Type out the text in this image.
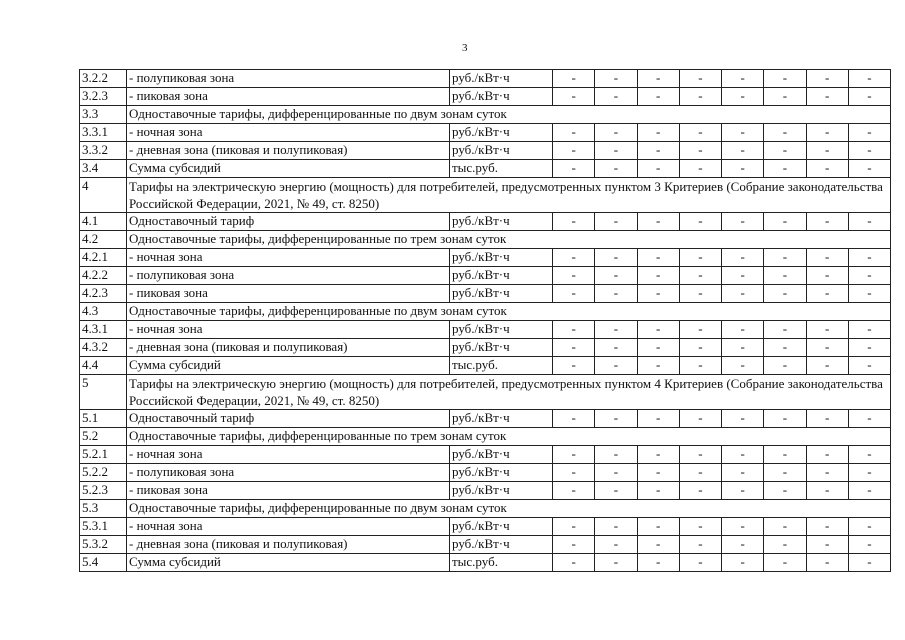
3
3.2.2	- полупиковая зона	руб./кВт·ч	-	-	-	-	-	-	-	-
3.2.3	- пиковая зона	руб./кВт·ч	-	-	-	-	-	-	-	-
3.3	Одноставочные тарифы, дифференцированные по двум зонам суток									
3.3.1	- ночная зона	руб./кВт·ч	-	-	-	-	-	-	-	-
3.3.2	- дневная зона (пиковая и полупиковая)	руб./кВт·ч	-	-	-	-	-	-	-	-
3.4	Сумма субсидий	тыс.руб.	-	-	-	-	-	-	-	-
4	Тарифы на электрическую энергию (мощность) для потребителей, предусмотренных пунктом 3 Критериев (Собрание законодательства Российской Федерации, 2021, № 49, ст. 8250)									
4.1	Одноставочный тариф	руб./кВт·ч	-	-	-	-	-	-	-	-
4.2	Одноставочные тарифы, дифференцированные по трем зонам суток									
4.2.1	- ночная зона	руб./кВт·ч	-	-	-	-	-	-	-	-
4.2.2	- полупиковая зона	руб./кВт·ч	-	-	-	-	-	-	-	-
4.2.3	- пиковая зона	руб./кВт·ч	-	-	-	-	-	-	-	-
4.3	Одноставочные тарифы, дифференцированные по двум зонам суток									
4.3.1	- ночная зона	руб./кВт·ч	-	-	-	-	-	-	-	-
4.3.2	- дневная зона (пиковая и полупиковая)	руб./кВт·ч	-	-	-	-	-	-	-	-
4.4	Сумма субсидий	тыс.руб.	-	-	-	-	-	-	-	-
5	Тарифы на электрическую энергию (мощность) для потребителей, предусмотренных пунктом 4 Критериев (Собрание законодательства Российской Федерации, 2021, № 49, ст. 8250)									
5.1	Одноставочный тариф	руб./кВт·ч	-	-	-	-	-	-	-	-
5.2	Одноставочные тарифы, дифференцированные по трем зонам суток									
5.2.1	- ночная зона	руб./кВт·ч	-	-	-	-	-	-	-	-
5.2.2	- полупиковая зона	руб./кВт·ч	-	-	-	-	-	-	-	-
5.2.3	- пиковая зона	руб./кВт·ч	-	-	-	-	-	-	-	-
5.3	Одноставочные тарифы, дифференцированные по двум зонам суток									
5.3.1	- ночная зона	руб./кВт·ч	-	-	-	-	-	-	-	-
5.3.2	- дневная зона (пиковая и полупиковая)	руб./кВт·ч	-	-	-	-	-	-	-	-
5.4	Сумма субсидий	тыс.руб.	-	-	-	-	-	-	-	-
